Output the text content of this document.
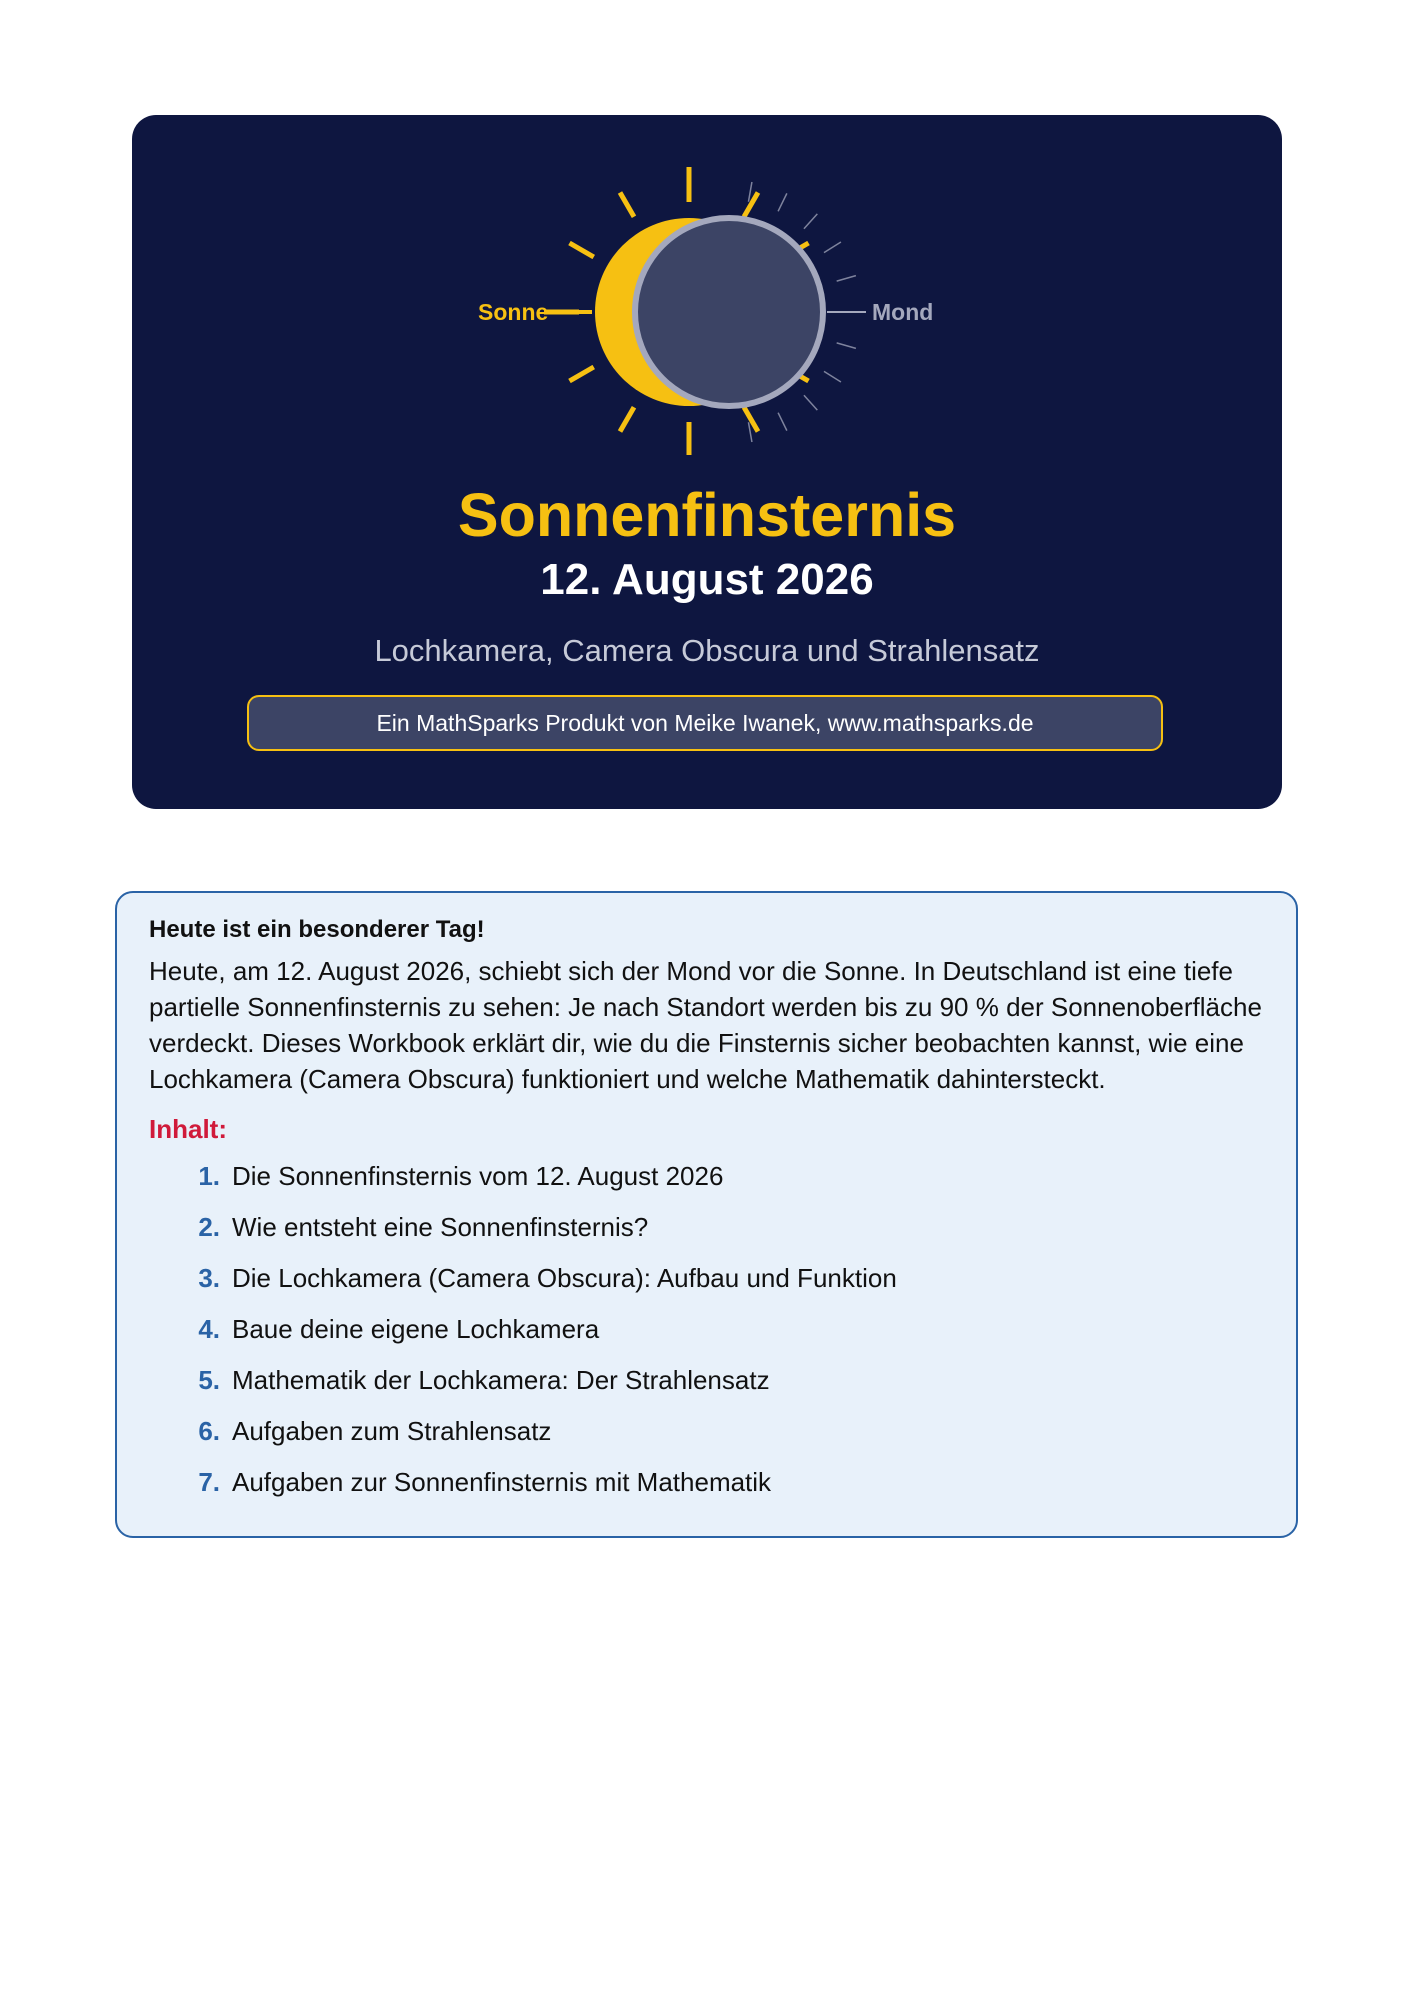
Sonne	Mond
Sonnenfinsternis
12. August 2026
Lochkamera, Camera Obscura und Strahlensatz
Ein MathSparks Produkt von Meike Iwanek, www.mathsparks.de
Heute ist ein besonderer Tag!
Heute, am 12. August 2026, schiebt sich der Mond vor die Sonne. In Deutschland ist eine tiefe partielle Sonnenfinsternis zu sehen: Je nach Standort werden bis zu 90 % der Sonnenoberfläche verdeckt. Dieses Workbook erklärt dir, wie du die Finsternis sicher beobachten kannst, wie eine Lochkamera (Camera Obscura) funktioniert und welche Mathematik dahintersteckt.
Inhalt:
1. Die Sonnenfinsternis vom 12. August 2026
2. Wie entsteht eine Sonnenfinsternis?
3. Die Lochkamera (Camera Obscura): Aufbau und Funktion
4. Baue deine eigene Lochkamera
5. Mathematik der Lochkamera: Der Strahlensatz
6. Aufgaben zum Strahlensatz
7. Aufgaben zur Sonnenfinsternis mit Mathematik
